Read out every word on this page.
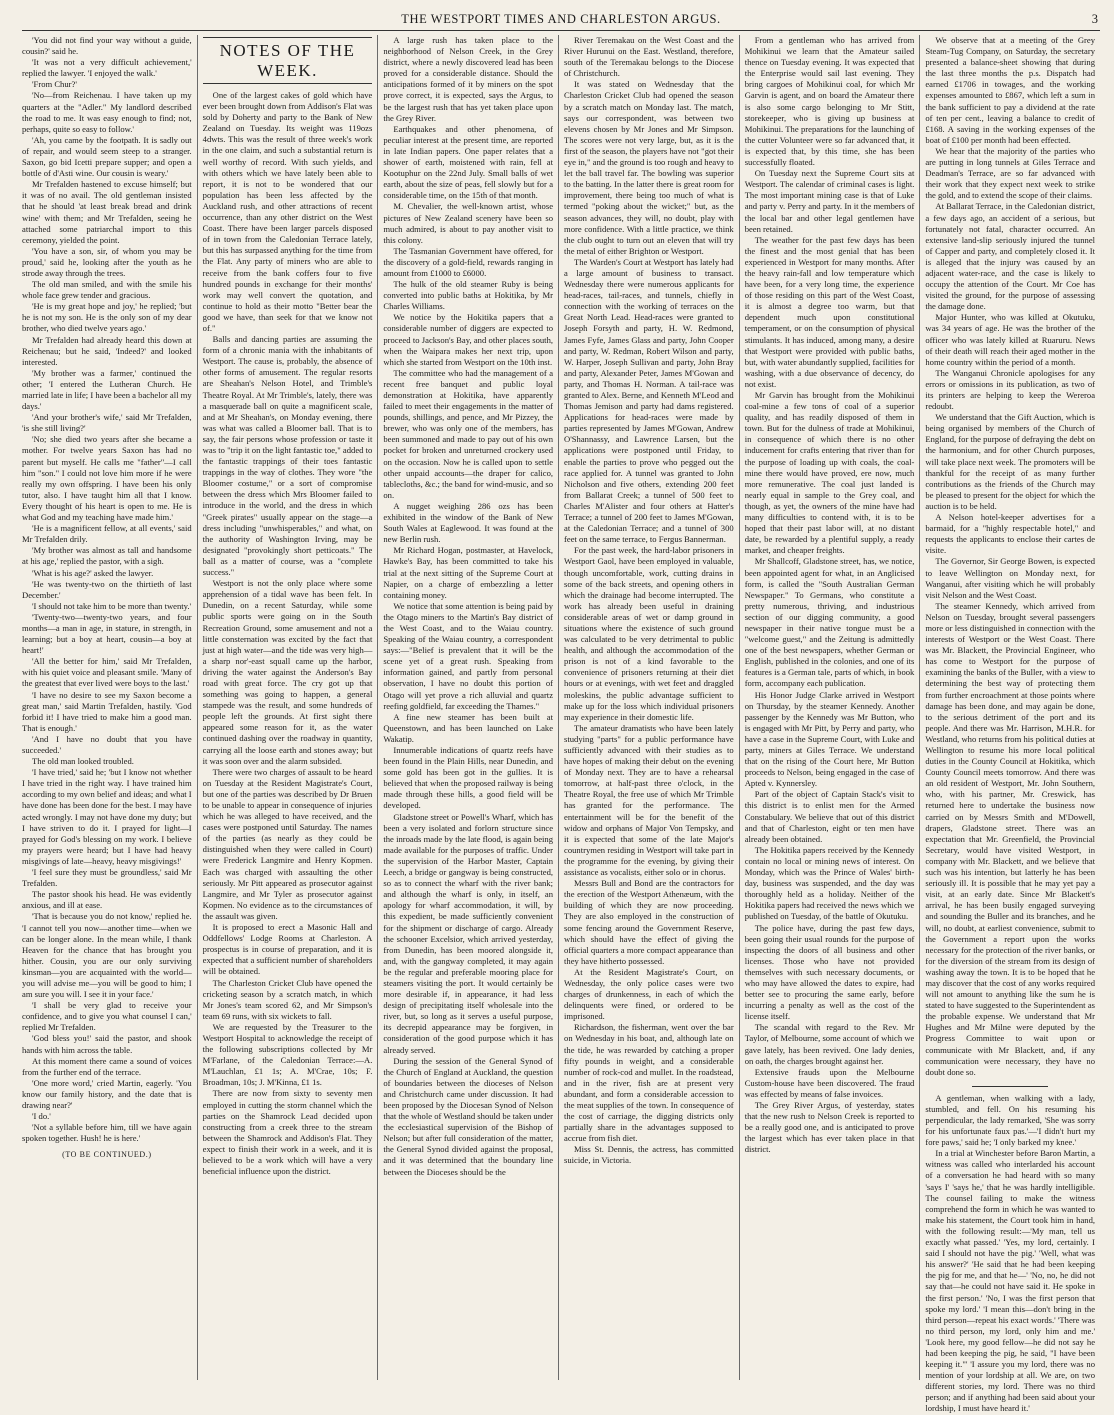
THE WESTPORT TIMES AND CHARLESTON ARGUS.	3

'You did not find your way without a guide, cousin?' said he.

'It was not a very difficult achievement,' replied the lawyer. 'I enjoyed the walk.'

'From Chur?'

'No—from Reichenau. I have taken up my quarters at the "Adler." My landlord described the road to me. It was easy enough to find; not, perhaps, quite so easy to follow.'

'Ah, you came by the footpath. It is sadly out of repair, and would seem steep to a stranger. Saxon, go bid Icetti prepare supper; and open a bottle of d'Asti wine. Our cousin is weary.'

Mr Trefalden hastened to excuse himself; but it was of no avail. The old gentleman insisted that he should 'at least break bread and drink wine' with them; and Mr Trefalden, seeing he attached some patriarchal import to this ceremony, yielded the point.

'You have a son, sir, of whom you may be proud,' said he, looking after the youth as he strode away through the trees.

The old man smiled, and with the smile his whole face grew tender and gracious.

'He is my great hope and joy,' he replied; 'but he is not my son. He is the only son of my dear brother, who died twelve years ago.'

Mr Trefalden had already heard this down at Reichenau; but he said, 'Indeed?' and looked interested.

'My brother was a farmer,' continued the other; 'I entered the Lutheran Church. He married late in life; I have been a bachelor all my days.'

'And your brother's wife,' said Mr Trefalden, 'is she still living?'

'No; she died two years after she became a mother. For twelve years Saxon has had no parent but myself. He calls me "father"—I call him "son." I could not love him more if he were really my own offspring. I have been his only tutor, also. I have taught him all that I know. Every thought of his heart is open to me. He is what God and my teaching have made him.'

'He is a magnificent fellow, at all events,' said Mr Trefalden drily.

'My brother was almost as tall and handsome at his age,' replied the pastor, with a sigh.

'What is his age?' asked the lawyer.

'He was twenty-two on the thirtieth of last December.'

'I should not take him to be more than twenty.'

'Twenty-two—twenty-two years, and four months—a man in age, in stature, in strength, in learning; but a boy at heart, cousin—a boy at heart!'

'All the better for him,' said Mr Trefalden, with his quiet voice and pleasant smile. 'Many of the greatest that ever lived were boys to the last.'

'I have no desire to see my Saxon become a great man,' said Martin Trefalden, hastily. 'God forbid it! I have tried to make him a good man. That is enough.'

'And I have no doubt that you have succeeded.'

The old man looked troubled.

'I have tried,' said he; 'but I know not whether I have tried in the right way. I have trained him according to my own belief and ideas; and what I have done has been done for the best. I may have acted wrongly. I may not have done my duty; but I have striven to do it. I prayed for light—I prayed for God's blessing on my work. I believe my prayers were heard; but I have had heavy misgivings of late—heavy, heavy misgivings!'

'I feel sure they must be groundless,' said Mr Trefalden.

The pastor shook his head. He was evidently anxious, and ill at ease.

'That is because you do not know,' replied he. 'I cannot tell you now—another time—when we can be longer alone. In the mean while, I thank Heaven for the chance that has brought you hither. Cousin, you are our only surviving kinsman—you are acquainted with the world—you will advise me—you will be good to him; I am sure you will. I see it in your face.'

'I shall be very glad to receive your confidence, and to give you what counsel I can,' replied Mr Trefalden.

'God bless you!' said the pastor, and shook hands with him across the table.

At this moment there came a sound of voices from the further end of the terrace.

'One more word,' cried Martin, eagerly. 'You know our family history, and the date that is drawing near?'

'I do.'

'Not a syllable before him, till we have again spoken together. Hush! he is here.'

(TO BE CONTINUED.)
NOTES OF THE WEEK.

One of the largest cakes of gold which have ever been brought down from Addison's Flat was sold by Doherty and party to the Bank of New Zealand on Tuesday. Its weight was 119ozs 4dwts. This was the result of three week's work in the one claim, and such a substantial return is well worthy of record. With such yields, and with others which we have lately been able to report, it is not to be wondered that our population has been less affected by the Auckland rush, and other attractions of recent occurrence, than any other district on the West Coast. There have been larger parcels disposed of in town from the Caledonian Terrace lately, but this has surpassed anything for the time from the Flat. Any party of miners who are able to receive from the bank coffers four to five hundred pounds in exchange for their months' work may well convert the quotation, and continue to hold as their motto "Better bear the good we have, than seek for that we know not of."

Balls and dancing parties are assuming the form of a chronic mania with the inhabitants of Westport. The cause is, probably, the absence of other forms of amusement. The regular resorts are Sheahan's Nelson Hotel, and Trimble's Theatre Royal. At Mr Trimble's, lately, there was a masquerade ball on quite a magnificent scale, and at Mr Sheahan's, on Monday evening, there was what was called a Bloomer ball. That is to say, the fair persons whose profession or taste it was to "trip it on the light fantastic toe," added to the fantastic trappings of their toes fantastic trappings in the way of clothes. They wore "the Bloomer costume," or a sort of compromise between the dress which Mrs Bloomer failed to introduce in the world, and the dress in which "Greek pirates" usually appear on the stage—a dress including "unwhisperables," and what, on the authority of Washington Irving, may be designated "provokingly short petticoats." The ball as a matter of course, was a "complete success."

Westport is not the only place where some apprehension of a tidal wave has been felt. In Dunedin, on a recent Saturday, while some public sports were going on in the South Recreation Ground, some amusement and not a little consternation was excited by the fact that just at high water—and the tide was very high—a sharp nor'-east squall came up the harbor, driving the water against the Anderson's Bay road with great force. The cry got up that something was going to happen, a general stampede was the result, and some hundreds of people left the grounds. At first sight there appeared some reason for it, as the water continued dashing over the roadway in quantity, carrying all the loose earth and stones away; but it was soon over and the alarm subsided.

There were two charges of assault to be heard on Tuesday at the Resident Magistrate's Court, but one of the parties was described by Dr Bruen to be unable to appear in consequence of injuries which he was alleged to have received, and the cases were postponed until Saturday. The names of the parties (as nearly as they could be distinguished when they were called in Court) were Frederick Langmire and Henry Kopmen. Each was charged with assaulting the other seriously. Mr Pitt appeared as prosecutor against Langmire, and Mr Tyler as prosecutor against Kopmen. No evidence as to the circumstances of the assault was given.

It is proposed to erect a Masonic Hall and Oddfellows' Lodge Rooms at Charleston. A prospectus is in course of preparation, and it is expected that a sufficient number of shareholders will be obtained.

The Charleston Cricket Club have opened the cricketing season by a scratch match, in which Mr Jones's team scored 62, and Mr Simpson's team 69 runs, with six wickets to fall.

We are requested by the Treasurer to the Westport Hospital to acknowledge the receipt of the following subscriptions collected by Mr M'Farlane, of the Caledonian Terrace:—A. M'Lauchlan, £1 1s; A. M'Crae, 10s; F. Broadman, 10s; J. M'Kinna, £1 1s.

There are now from sixty to seventy men employed in cutting the storm channel which the parties on the Shamrock Lead decided upon constructing from a creek three to the stream between the Shamrock and Addison's Flat. They expect to finish their work in a week, and it is believed to be a work which will have a very beneficial influence upon the district.

A large rush has taken place to the neighborhood of Nelson Creek, in the Grey district, where a newly discovered lead has been proved for a considerable distance. Should the anticipations formed of it by miners on the spot prove correct, it is expected, says the Argus, to be the largest rush that has yet taken place upon the Grey River.

Earthquakes and other phenomena, of peculiar interest at the present time, are reported in late Indian papers. One paper relates that a shower of earth, moistened with rain, fell at Kootuphur on the 22nd July. Small balls of wet earth, about the size of peas, fell slowly but for a considerable time, on the 15th of that month.

M. Chevalier, the well-known artist, whose pictures of New Zealand scenery have been so much admired, is about to pay another visit to this colony.

The Tasmanian Government have offered, for the discovery of a gold-field, rewards ranging in amount from £1000 to £6000.

The hulk of the old steamer Ruby is being converted into public baths at Hokitika, by Mr Charles Williams.

We notice by the Hokitika papers that a considerable number of diggers are expected to proceed to Jackson's Bay, and other places south, when the Waipara makes her next trip, upon which she started from Westport on the 10th inst.

The committee who had the management of a recent free banquet and public loyal demonstration at Hokitika, have apparently failed to meet their engagements in the matter of pounds, shillings, and pence, and Mr Pizzey, the brewer, who was only one of the members, has been summoned and made to pay out of his own pocket for broken and unreturned crockery used on the occasion. Now he is called upon to settle other unpaid accounts—the draper for calico, tablecloths, &c.; the band for wind-music, and so on.

A nugget weighing 286 ozs has been exhibited in the window of the Bank of New South Wales at Eaglewood. It was found at the new Berlin rush.

Mr Richard Hogan, postmaster, at Havelock, Hawke's Bay, has been committed to take his trial at the next sitting of the Supreme Court at Napier, on a charge of embezzling a letter containing money.

We notice that some attention is being paid by the Otago miners to the Martin's Bay district of the West Coast, and to the Waiau country. Speaking of the Waiau country, a correspondent says:—"Belief is prevalent that it will be the scene yet of a great rush. Speaking from information gained, and partly from personal observation, I have no doubt this portion of Otago will yet prove a rich alluvial and quartz reefing goldfield, far exceeding the Thames."

A fine new steamer has been built at Queenstown, and has been launched on Lake Wakatip.

Innumerable indications of quartz reefs have been found in the Plain Hills, near Dunedin, and some gold has been got in the gullies. It is believed that when the proposed railway is being made through these hills, a good field will be developed.

Gladstone street or Powell's Wharf, which has been a very isolated and forlorn structure since the inroads made by the late flood, is again being made available for the purposes of traffic. Under the supervision of the Harbor Master, Captain Leech, a bridge or gangway is being constructed, so as to connect the wharf with the river bank; and although the wharf is only, in itself, an apology for wharf accommodation, it will, by this expedient, be made sufficiently convenient for the shipment or discharge of cargo. Already the schooner Excelsior, which arrived yesterday, from Dunedin, has been moored alongside it, and, with the gangway completed, it may again be the regular and preferable mooring place for steamers visiting the port. It would certainly be more desirable if, in appearance, it had less design of precipitating itself wholesale into the river, but, so long as it serves a useful purpose, its decrepid appearance may be forgiven, in consideration of the good purpose which it has already served.

During the session of the General Synod of the Church of England at Auckland, the question of boundaries between the dioceses of Nelson and Christchurch came under discussion. It had been proposed by the Diocesan Synod of Nelson that the whole of Westland should be taken under the ecclesiastical supervision of the Bishop of Nelson; but after full consideration of the matter, the General Synod divided against the proposal, and it was determined that the boundary line between the Dioceses should be the

River Teremakau on the West Coast and the River Hurunui on the East. Westland, therefore, south of the Teremakau belongs to the Diocese of Christchurch.

It was stated on Wednesday that the Charleston Cricket Club had opened the season by a scratch match on Monday last. The match, says our correspondent, was between two elevens chosen by Mr Jones and Mr Simpson. The scores were not very large, but, as it is the first of the season, the players have not "got their eye in," and the ground is too rough and heavy to let the ball travel far. The bowling was superior to the batting. In the latter there is great room for improvement, there being too much of what is termed "poking about the wicket;" but, as the season advances, they will, no doubt, play with more confidence. With a little practice, we think the club ought to turn out an eleven that will try the metal of either Brighton or Westport.

The Warden's Court at Westport has lately had a large amount of business to transact. Wednesday there were numerous applicants for head-races, tail-races, and tunnels, chiefly in connection with the working of terraces on the Great North Lead. Head-races were granted to Joseph Forsyth and party, H. W. Redmond, James Fyfe, James Glass and party, John Cooper and party, W. Redman, Robert Wilson and party, W. Harper, Joseph Sullivan and party, John Bray and party, Alexander Peter, James M'Gowan and party, and Thomas H. Norman. A tail-race was granted to Alex. Berne, and Kenneth M'Leod and Thomas Jemison and party had dams registered. Applications for head-races were made by parties represented by James M'Gowan, Andrew O'Shannassy, and Lawrence Larsen, but the applications were postponed until Friday, to enable the parties to prove who pegged out the race applied for. A tunnel was granted to John Nicholson and five others, extending 200 feet from Ballarat Creek; a tunnel of 500 feet to Charles M'Alister and four others at Hatter's Terrace; a tunnel of 200 feet to James M'Gowan, at the Caledonian Terrace; and a tunnel of 300 feet on the same terrace, to Fergus Bannerman.

For the past week, the hard-labor prisoners in Westport Gaol, have been employed in valuable, though uncomfortable, work, cutting drains in some of the back streets, and opening others in which the drainage had become interrupted. The work has already been useful in draining considerable areas of wet or damp ground in situations where the existence of such ground was calculated to be very detrimental to public health, and although the accommodation of the prison is not of a kind favorable to the convenience of prisoners returning at their diet hours or at evenings, with wet feet and draggled moleskins, the public advantage sufficient to make up for the loss which individual prisoners may experience in their domestic life.

The amateur dramatists who have been lately studying "parts" for a public performance have sufficiently advanced with their studies as to have hopes of making their debut on the evening of Monday next. They are to have a rehearsal tomorrow, at half-past three o'clock, in the Theatre Royal, the free use of which Mr Trimble has granted for the performance. The entertainment will be for the benefit of the widow and orphans of Major Von Tempsky, and it is expected that some of the late Major's countrymen residing in Westport will take part in the programme for the evening, by giving their assistance as vocalists, either solo or in chorus.

Messrs Bull and Bond are the contractors for the erection of the Westport Athenæum, with the building of which they are now proceeding. They are also employed in the construction of some fencing around the Government Reserve, which should have the effect of giving the official quarters a more compact appearance than they have hitherto possessed.

At the Resident Magistrate's Court, on Wednesday, the only police cases were two charges of drunkenness, in each of which the delinquents were fined, or ordered to be imprisoned.

Richardson, the fisherman, went over the bar on Wednesday in his boat, and, although late on the tide, he was rewarded by catching a proper fifty pounds in weight, and a considerable number of rock-cod and mullet. In the roadstead, and in the river, fish are at present very abundant, and form a considerable accession to the meat supplies of the town. In consequence of the cost of carriage, the digging districts only partially share in the advantages supposed to accrue from fish diet.

Miss St. Dennis, the actress, has committed suicide, in Victoria.

From a gentleman who has arrived from Mohikinui we learn that the Amateur sailed thence on Tuesday evening. It was expected that the Enterprise would sail last evening. They bring cargoes of Mohikinui coal, for which Mr Garvin is agent, and on board the Amateur there is also some cargo belonging to Mr Stitt, storekeeper, who is giving up business at Mohikinui. The preparations for the launching of the cutter Volunteer were so far advanced that, it is expected that, by this time, she has been successfully floated.

On Tuesday next the Supreme Court sits at Westport. The calendar of criminal cases is light. The most important mining case is that of Luke and party v. Perry and party. In it the members of the local bar and other legal gentlemen have been retained.

The weather for the past few days has been the finest and the most genial that has been experienced in Westport for many months. After the heavy rain-fall and low temperature which have been, for a very long time, the experience of those residing on this part of the West Coast, it is almost a degree too warm, but that dependent much upon constitutional temperament, or on the consumption of physical stimulants. It has induced, among many, a desire that Westport were provided with public baths, but, with water abundantly supplied, facilities for washing, with a due observance of decency, do not exist.

Mr Garvin has brought from the Mohikinui coal-mine a few tons of coal of a superior quality, and has readily disposed of them in town. But for the dulness of trade at Mohikinui, in consequence of which there is no other inducement for crafts entering that river than for the purpose of loading up with coals, the coal-mine there would have proved, ere now, much more remunerative. The coal just landed is nearly equal in sample to the Grey coal, and though, as yet, the owners of the mine have had many difficulties to contend with, it is to be hoped that their past labor will, at no distant date, be rewarded by a plentiful supply, a ready market, and cheaper freights.

Mr Shallcoff, Gladstone street, has, we notice, been appointed agent for what, in an Anglicised form, is called the "South Australian German Newspaper." To Germans, who constitute a pretty numerous, thriving, and industrious section of our digging community, a good newspaper in their native tongue must be a "welcome guest," and the Zeitung is admittedly one of the best newspapers, whether German or English, published in the colonies, and one of its features is a German tale, parts of which, in book form, accompany each publication.

His Honor Judge Clarke arrived in Westport on Thursday, by the steamer Kennedy. Another passenger by the Kennedy was Mr Button, who is engaged with Mr Pitt, by Perry and party, who have a case in the Supreme Court, with Luke and party, miners at Giles Terrace. We understand that on the rising of the Court here, Mr Button proceeds to Nelson, being engaged in the case of Apted v. Kynnersley.

Part of the object of Captain Stack's visit to this district is to enlist men for the Armed Constabulary. We believe that out of this district and that of Charleston, eight or ten men have already been obtained.

The Hokitika papers received by the Kennedy contain no local or mining news of interest. On Monday, which was the Prince of Wales' birth-day, business was suspended, and the day was thoroughly held as a holiday. Neither of the Hokitika papers had received the news which we published on Tuesday, of the battle of Okutuku.

The police have, during the past few days, been going their usual rounds for the purpose of inspecting the doors of all business and other licenses. Those who have not provided themselves with such necessary documents, or who may have allowed the dates to expire, had better see to procuring the same early, before incurring a penalty as well as the cost of the license itself.

The scandal with regard to the Rev. Mr Taylor, of Melbourne, some account of which we gave lately, has been revived. One lady denies, on oath, the charges brought against her.

Extensive frauds upon the Melbourne Custom-house have been discovered. The fraud was effected by means of false invoices.

The Grey River Argus, of yesterday, states that the new rush to Nelson Creek is reported to be a really good one, and is anticipated to prove the largest which has ever taken place in that district.

We observe that at a meeting of the Grey Steam-Tug Company, on Saturday, the secretary presented a balance-sheet showing that during the last three months the p.s. Dispatch had earned £1706 in towages, and the working expenses amounted to £867, which left a sum in the bank sufficient to pay a dividend at the rate of ten per cent., leaving a balance to credit of £168. A saving in the working expenses of the boat of £100 per month had been effected.

We hear that the majority of the parties who are putting in long tunnels at Giles Terrace and Deadman's Terrace, are so far advanced with their work that they expect next week to strike the gold, and to extend the scope of their claims.

At Ballarat Terrace, in the Caledonian district, a few days ago, an accident of a serious, but fortunately not fatal, character occurred. An extensive land-slip seriously injured the tunnel of Capper and party, and completely closed it. It is alleged that the injury was caused by an adjacent water-race, and the case is likely to occupy the attention of the Court. Mr Coe has visited the ground, for the purpose of assessing the damage done.

Major Hunter, who was killed at Okutuku, was 34 years of age. He was the brother of the officer who was lately killed at Ruaruru. News of their death will reach their aged mother in the home country within the period of a month.

The Wanganui Chronicle apologises for any errors or omissions in its publication, as two of its printers are helping to keep the Wereroa redoubt.

We understand that the Gift Auction, which is being organised by members of the Church of England, for the purpose of defraying the debt on the harmonium, and for other Church purposes, will take place next week. The promoters will be thankful for the receipt of as many further contributions as the friends of the Church may be pleased to present for the object for which the auction is to be held.

A Nelson hotel-keeper advertises for a barmaid, for a "highly respectable hotel," and requests the applicants to enclose their cartes de visite.

The Governor, Sir George Bowen, is expected to leave Wellington on Monday next, for Wanganui, after visiting which he will probably visit Nelson and the West Coast.

The steamer Kennedy, which arrived from Nelson on Tuesday, brought several passengers more or less distinguished in connection with the interests of Westport or the West Coast. There was Mr. Blackett, the Provincial Engineer, who has come to Westport for the purpose of examining the banks of the Buller, with a view to determining the best way of protecting them from further encroachment at those points where damage has been done, and may again be done, to the serious detriment of the port and its people. And there was Mr. Harrison, M.H.R. for Westland, who returns from his political duties at Wellington to resume his more local political duties in the County Council at Hokitika, which County Council meets tomorrow. And there was an old resident of Westport, Mr. John Southern, who, with his partner, Mr. Creswick, has returned here to undertake the business now carried on by Messrs Smith and M'Dowell, drapers, Gladstone street. There was an expectation that Mr. Greenfield, the Provincial Secretary, would have visited Westport, in company with Mr. Blackett, and we believe that such was his intention, but latterly he has been seriously ill. It is possible that he may yet pay a visit, at an early date. Since Mr Blackett's arrival, he has been busily engaged surveying and sounding the Buller and its branches, and he will, no doubt, at earliest convenience, submit to the Government a report upon the works necessary for the protection of the river banks, or for the diversion of the stream from its design of washing away the town. It is to be hoped that he may discover that the cost of any works required will not amount to anything like the sum he is stated to have suggested to the Superintendent as the probable expense. We understand that Mr Hughes and Mr Milne were deputed by the Progress Committee to wait upon or communicate with Mr Blackett, and, if any communication were necessary, they have no doubt done so.

A gentleman, when walking with a lady, stumbled, and fell. On his resuming his perpendicular, the lady remarked, 'She was sorry for his unfortunate faux pas.'—'I didn't hurt my fore paws,' said he; 'I only barked my knee.'

In a trial at Winchester before Baron Martin, a witness was called who interlarded his account of a conversation he had heard with so many 'says I' 'says he,' that he was hardly intelligible. The counsel failing to make the witness comprehend the form in which he was wanted to make his statement, the Court took him in hand, with the following result:—'My man, tell us exactly what passed.' 'Yes, my lord, certainly. I said I should not have the pig.' 'Well, what was his answer?' 'He said that he had been keeping the pig for me, and that he—' 'No, no, he did not say that—he could not have said it. He spoke in the first person.' 'No, I was the first person that spoke my lord.' 'I mean this—don't bring in the third person—repeat his exact words.' 'There was no third person, my lord, only him and me.' 'Look here, my good fellow—he did not say he had been keeping the pig, he said, "I have been keeping it."' 'I assure you my lord, there was no mention of your lordship at all. We are, on two different stories, my lord. There was no third person; and if anything had been said about your lordship, I must have heard it.'
